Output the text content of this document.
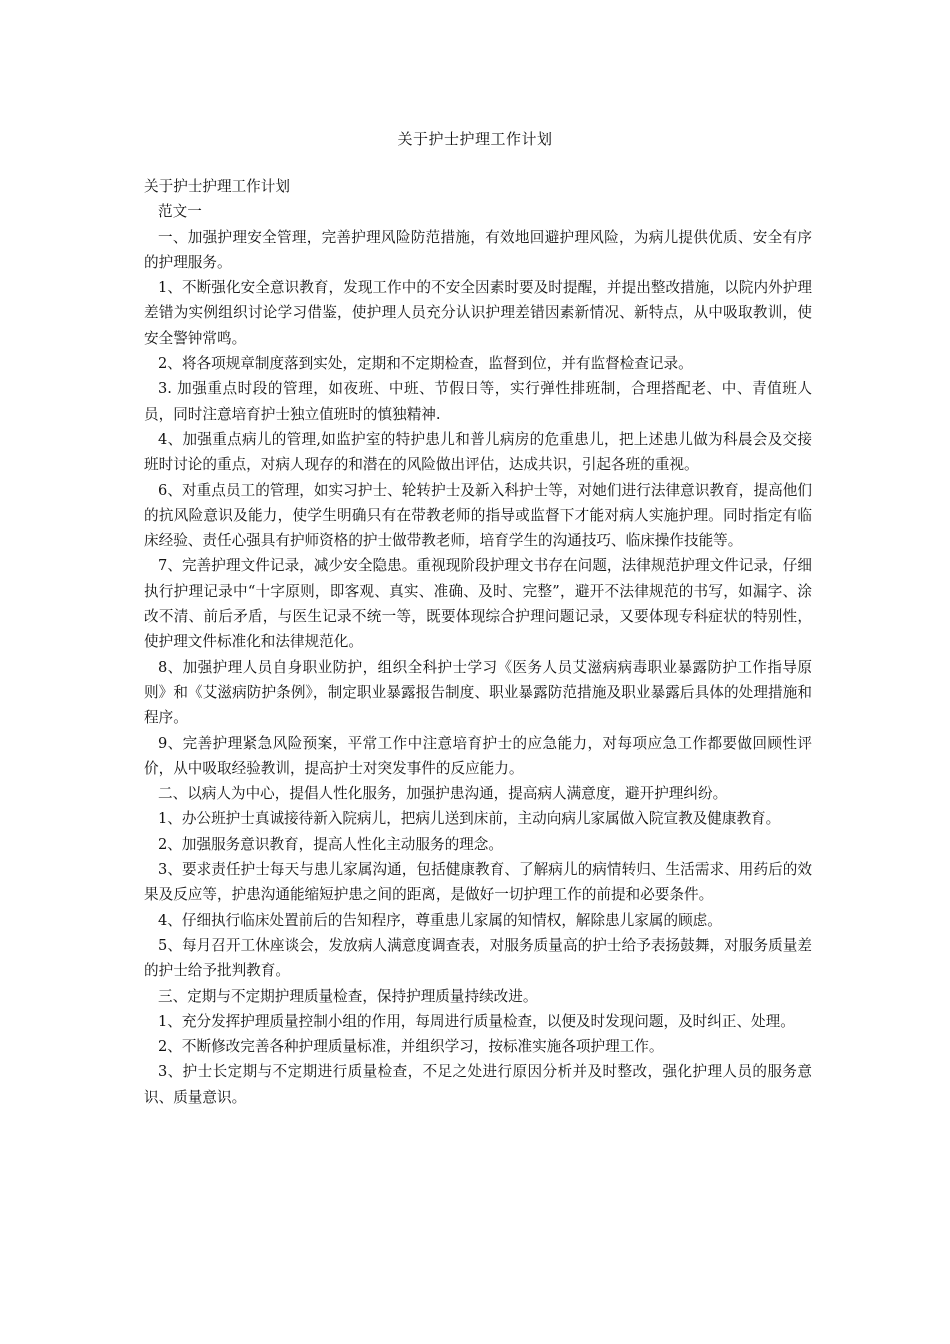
关于护士护理工作计划

关于护士护理工作计划

范文一

一、加强护理安全管理，完善护理风险防范措施，有效地回避护理风险，为病儿提供优质、安全有序的护理服务。

1、不断强化安全意识教育，发现工作中的不安全因素时要及时提醒，并提出整改措施，以院内外护理差错为实例组织讨论学习借鉴，使护理人员充分认识护理差错因素新情况、新特点，从中吸取教训，使安全警钟常鸣。

2、将各项规章制度落到实处，定期和不定期检查，监督到位，并有监督检查记录。

3. 加强重点时段的管理，如夜班、中班、节假日等，实行弹性排班制，合理搭配老、中、青值班人员，同时注意培育护士独立值班时的慎独精神.

4、加强重点病儿的管理,如监护室的特护患儿和普儿病房的危重患儿，把上述患儿做为科晨会及交接班时讨论的重点，对病人现存的和潜在的风险做出评估，达成共识，引起各班的重视。

6、对重点员工的管理，如实习护士、轮转护士及新入科护士等，对她们进行法律意识教育，提高他们的抗风险意识及能力，使学生明确只有在带教老师的指导或监督下才能对病人实施护理。同时指定有临床经验、责任心强具有护师资格的护士做带教老师，培育学生的沟通技巧、临床操作技能等。

7、完善护理文件记录，减少安全隐患。重视现阶段护理文书存在问题，法律规范护理文件记录，仔细执行护理记录中“十字原则，即客观、真实、准确、及时、完整”，避开不法律规范的书写，如漏字、涂改不清、前后矛盾，与医生记录不统一等，既要体现综合护理问题记录，又要体现专科症状的特别性，使护理文件标准化和法律规范化。

8、加强护理人员自身职业防护，组织全科护士学习《医务人员艾滋病病毒职业暴露防护工作指导原则》和《艾滋病防护条例》，制定职业暴露报告制度、职业暴露防范措施及职业暴露后具体的处理措施和程序。

9、完善护理紧急风险预案，平常工作中注意培育护士的应急能力，对每项应急工作都要做回顾性评价，从中吸取经验教训，提高护士对突发事件的反应能力。

二、以病人为中心，提倡人性化服务，加强护患沟通，提高病人满意度，避开护理纠纷。

1、办公班护士真诚接待新入院病儿，把病儿送到床前，主动向病儿家属做入院宣教及健康教育。

2、加强服务意识教育，提高人性化主动服务的理念。

3、要求责任护士每天与患儿家属沟通，包括健康教育、了解病儿的病情转归、生活需求、用药后的效果及反应等，护患沟通能缩短护患之间的距离，是做好一切护理工作的前提和必要条件。

4、仔细执行临床处置前后的告知程序，尊重患儿家属的知情权，解除患儿家属的顾虑。

5、每月召开工休座谈会，发放病人满意度调查表，对服务质量高的护士给予表扬鼓舞，对服务质量差的护士给予批判教育。

三、定期与不定期护理质量检查，保持护理质量持续改进。

1、充分发挥护理质量控制小组的作用，每周进行质量检查，以便及时发现问题，及时纠正、处理。

2、不断修改完善各种护理质量标准，并组织学习，按标准实施各项护理工作。

3、护士长定期与不定期进行质量检查，不足之处进行原因分析并及时整改，强化护理人员的服务意识、质量意识。
